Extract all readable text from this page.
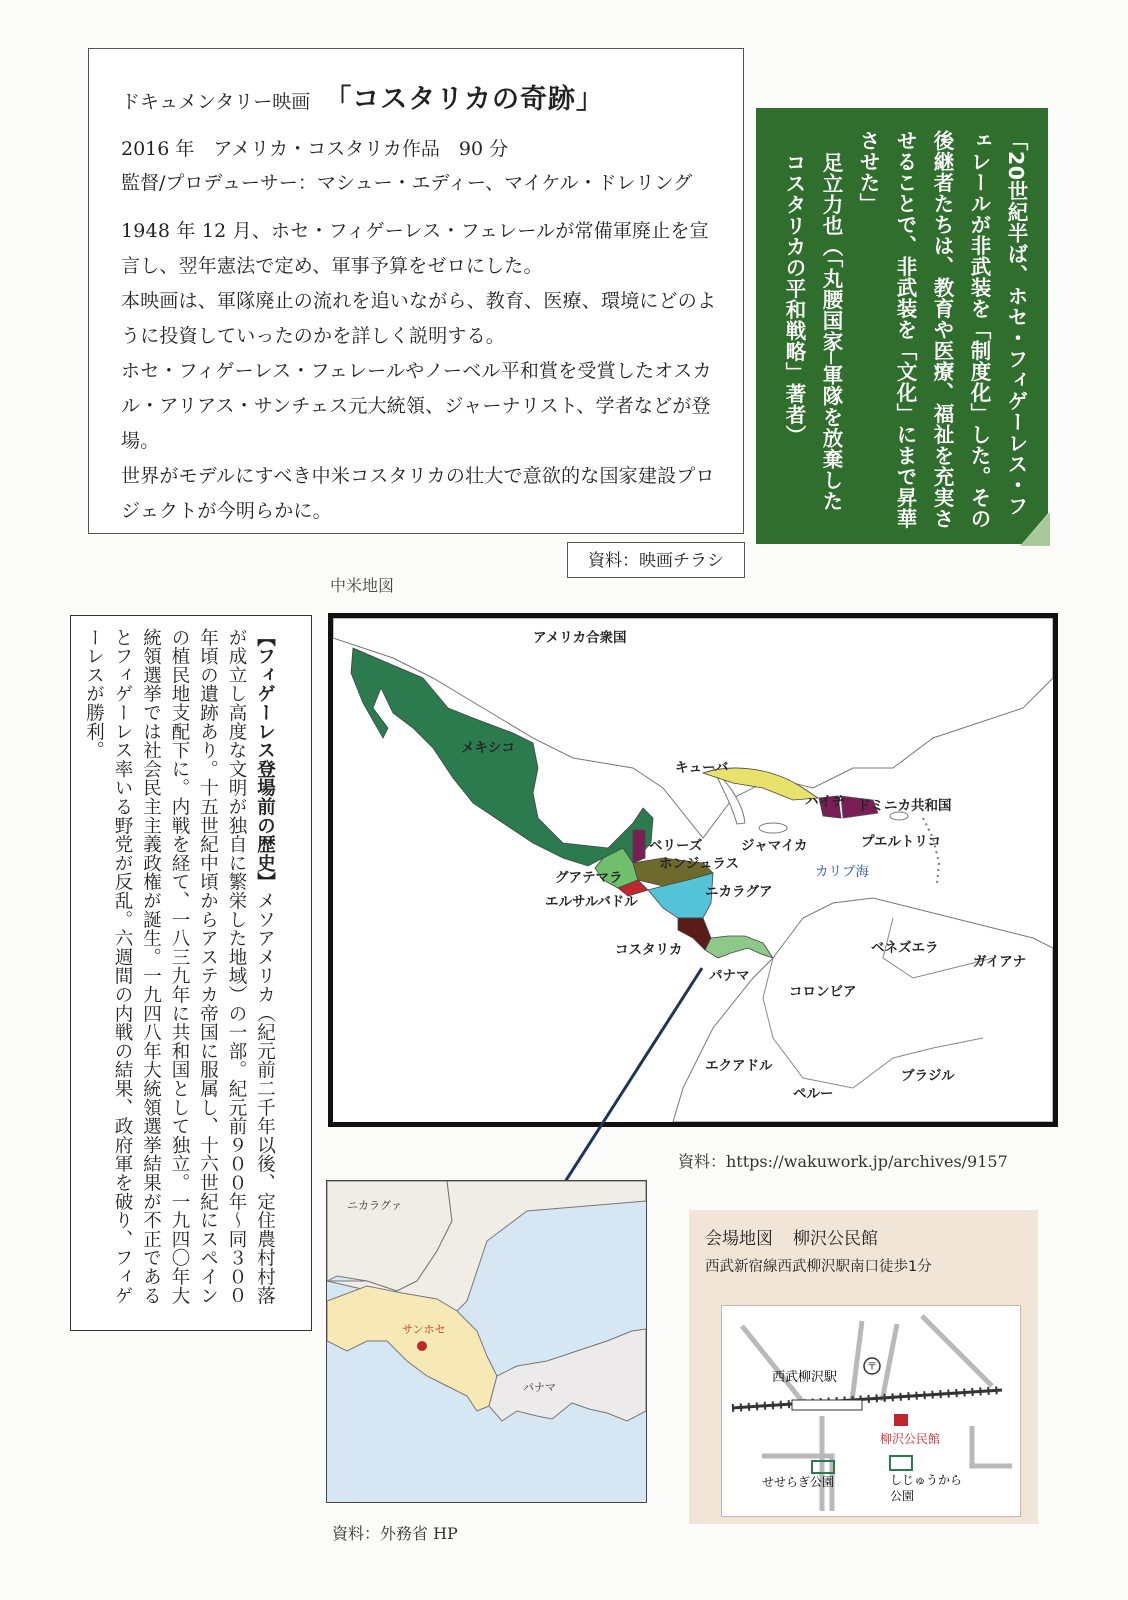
ドキュメンタリー映画 「コスタリカの奇跡」

2016 年　アメリカ・コスタリカ作品　90 分

監督/プロデューサー：マシュー・エディー、マイケル・ドレリング

1948 年 12 月、ホセ・フィゲーレス・フェレールが常備軍廃止を宣言し、翌年憲法で定め、軍事予算をゼロにした。

本映画は、軍隊廃止の流れを追いながら、教育、医療、環境にどのように投資していったのかを詳しく説明する。

ホセ・フィゲーレス・フェレールやノーベル平和賞を受賞したオスカル・アリアス・サンチェス元大統領、ジャーナリスト、学者などが登場。

世界がモデルにすべき中米コスタリカの壮大で意欲的な国家建設プロジェクトが今明らかに。

資料：映画チラシ
「20世紀半ば、ホセ・フィゲーレス・フェレールが非武装を「制度化」した。その後継者たちは、教育や医療、福祉を充実させることで、非武装を「文化」にまで昇華させた」
足立力也（「丸腰国家─軍隊を放棄したコスタリカの平和戦略」著者）
中米地図
【フィゲーレス登場前の歴史】メソアメリカ（紀元前二千年以後、定住農村村落が成立し高度な文明が独自に繁栄した地域）の一部。紀元前９００年〜同３００年頃の遺跡あり。十五世紀中頃からアステカ帝国に服属し、十六世紀にスペインの植民地支配下に。内戦を経て、一八三九年に共和国として独立。一九四〇年大統領選挙では社会民主主義政権が誕生。一九四八年大統領選挙結果が不正であるとフィゲーレス率いる野党が反乱。六週間の内戦の結果、政府軍を破り、フィゲーレスが勝利。	アメリカ合衆国
メキシコ
キューバ
ハイチ ドミニカ共和国
ジャマイカ	プエルトリコ
ベリーズ
ホンジュラス
グアテマラ	カリブ海
ニカラグア
エルサルバドル
コスタリカ	ベネズエラ
ガイアナ
パナマ
コロンビア
エクアドル
ブラジル
ペルー
資料：https://wakuwork.jp/archives/9157
ニカラグァ
サンホセ
パナマ
資料：外務省 HP

会場地図 柳沢公民館

西武新宿線西武柳沢駅南口徒歩1分

〒
西武柳沢駅
柳沢公民館
せせらぎ公園	しじゅうから
公園
